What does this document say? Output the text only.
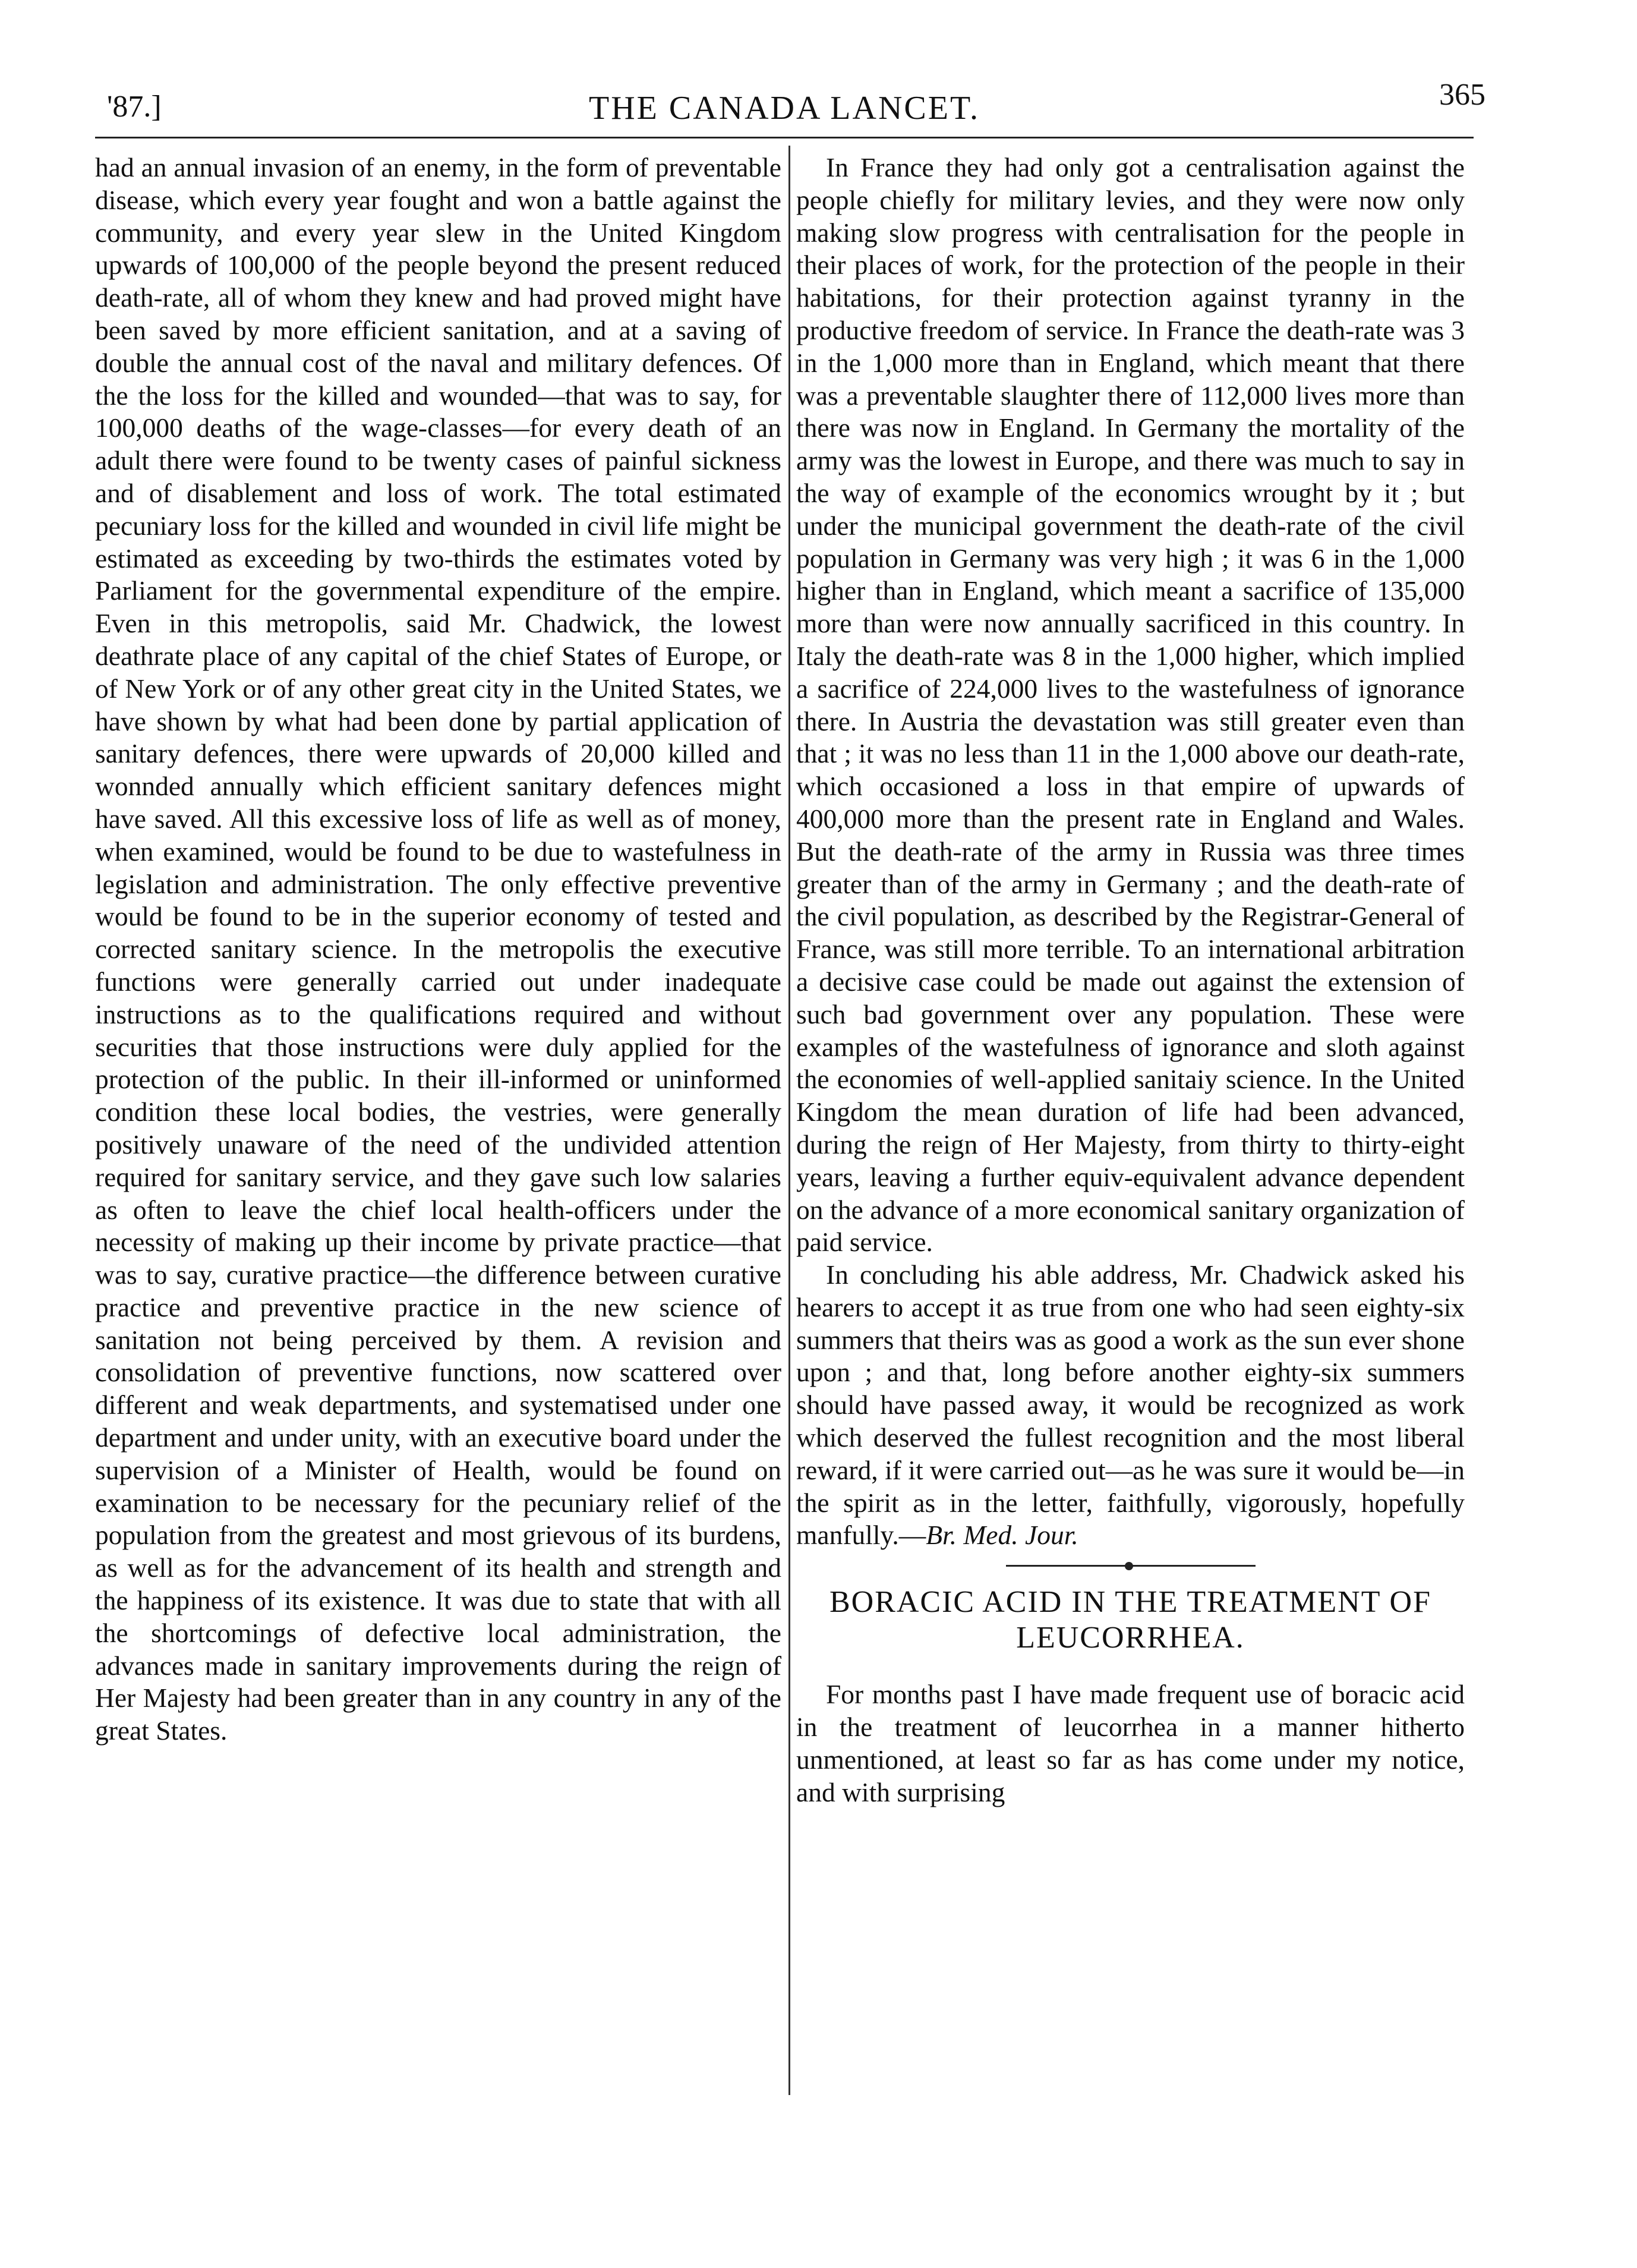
'87.]	THE CANADA LANCET.	365

had an annual invasion of an enemy, in the form of preventable disease, which every year fought and won a battle against the community, and every year slew in the United Kingdom upwards of 100,000 of the people beyond the present reduced death-rate, all of whom they knew and had proved might have been saved by more efficient sanitation, and at a saving of double the annual cost of the naval and military defences. Of the the loss for the killed and wounded—that was to say, for 100,000 deaths of the wage-classes—for every death of an adult there were found to be twenty cases of painful sickness and of disablement and loss of work. The total estimated pecuniary loss for the killed and wounded in civil life might be estimated as exceeding by two-thirds the estimates voted by Parliament for the governmental expenditure of the empire. Even in this metropolis, said Mr. Chadwick, the lowest deathrate place of any capital of the chief States of Europe, or of New York or of any other great city in the United States, we have shown by what had been done by partial application of sanitary defences, there were upwards of 20,000 killed and wonnded annually which efficient sanitary defences might have saved. All this excessive loss of life as well as of money, when examined, would be found to be due to wastefulness in legislation and administration. The only effective preventive would be found to be in the superior economy of tested and corrected sanitary science. In the metropolis the executive functions were generally carried out under inadequate instructions as to the qualifications required and without securities that those instructions were duly applied for the protection of the public. In their ill-informed or uninformed condition these local bodies, the vestries, were generally positively unaware of the need of the undivided attention required for sanitary service, and they gave such low salaries as often to leave the chief local health-officers under the necessity of making up their income by private practice—that was to say, curative practice—the difference between curative practice and preventive practice in the new science of sanitation not being perceived by them. A revision and consolidation of preventive functions, now scattered over different and weak departments, and systematised under one department and under unity, with an executive board under the supervision of a Minister of Health, would be found on examination to be necessary for the pecuniary relief of the population from the greatest and most grievous of its burdens, as well as for the advancement of its health and strength and the happiness of its existence. It was due to state that with all the shortcomings of defective local administration, the advances made in sanitary improvements during the reign of Her Majesty had been greater than in any country in any of the great States.

In France they had only got a centralisation against the people chiefly for military levies, and they were now only making slow progress with centralisation for the people in their places of work, for the protection of the people in their habitations, for their protection against tyranny in the productive freedom of service. In France the death-rate was 3 in the 1,000 more than in England, which meant that there was a preventable slaughter there of 112,000 lives more than there was now in England. In Germany the mortality of the army was the lowest in Europe, and there was much to say in the way of example of the economics wrought by it ; but under the municipal government the death-rate of the civil population in Germany was very high ; it was 6 in the 1,000 higher than in England, which meant a sacrifice of 135,000 more than were now annually sacrificed in this country. In Italy the death-rate was 8 in the 1,000 higher, which implied a sacrifice of 224,000 lives to the wastefulness of ignorance there. In Austria the devastation was still greater even than that ; it was no less than 11 in the 1,000 above our death-rate, which occasioned a loss in that empire of upwards of 400,000 more than the present rate in England and Wales. But the death-rate of the army in Russia was three times greater than of the army in Germany ; and the death-rate of the civil population, as described by the Registrar-General of France, was still more terrible. To an international arbitration a decisive case could be made out against the extension of such bad government over any population. These were examples of the wastefulness of ignorance and sloth against the economies of well-applied sanitaiy science. In the United Kingdom the mean duration of life had been advanced, during the reign of Her Majesty, from thirty to thirty-eight years, leaving a further equiv-equivalent advance dependent on the advance of a more economical sanitary organization of paid service.

In concluding his able address, Mr. Chadwick asked his hearers to accept it as true from one who had seen eighty-six summers that theirs was as good a work as the sun ever shone upon ; and that, long before another eighty-six summers should have passed away, it would be recognized as work which deserved the fullest recognition and the most liberal reward, if it were carried out—as he was sure it would be—in the spirit as in the letter, faithfully, vigorously, hopefully manfully.—Br. Med. Jour.

BORACIC ACID IN THE TREATMENT OF LEUCORRHEA.

For months past I have made frequent use of boracic acid in the treatment of leucorrhea in a manner hitherto unmentioned, at least so far as has come under my notice, and with surprising
